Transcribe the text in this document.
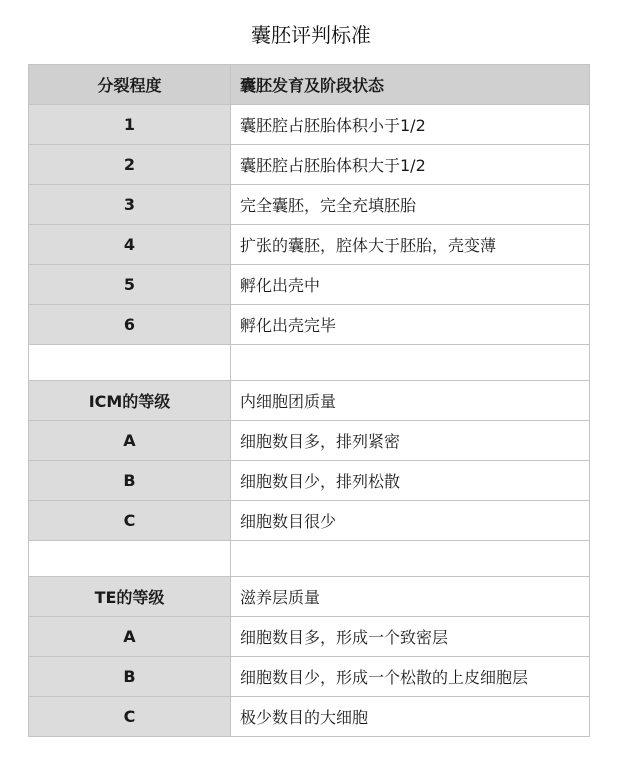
囊胚评判标准
分裂程度	囊胚发育及阶段状态
1	囊胚腔占胚胎体积小于1/2
2	囊胚腔占胚胎体积大于1/2
3	完全囊胚，完全充填胚胎
4	扩张的囊胚，腔体大于胚胎，壳变薄
5	孵化出壳中
6	孵化出壳完毕

ICM的等级	内细胞团质量
A	细胞数目多，排列紧密
B	细胞数目少，排列松散
C	细胞数目很少

TE的等级	滋养层质量
A	细胞数目多，形成一个致密层
B	细胞数目少，形成一个松散的上皮细胞层
C	极少数目的大细胞
